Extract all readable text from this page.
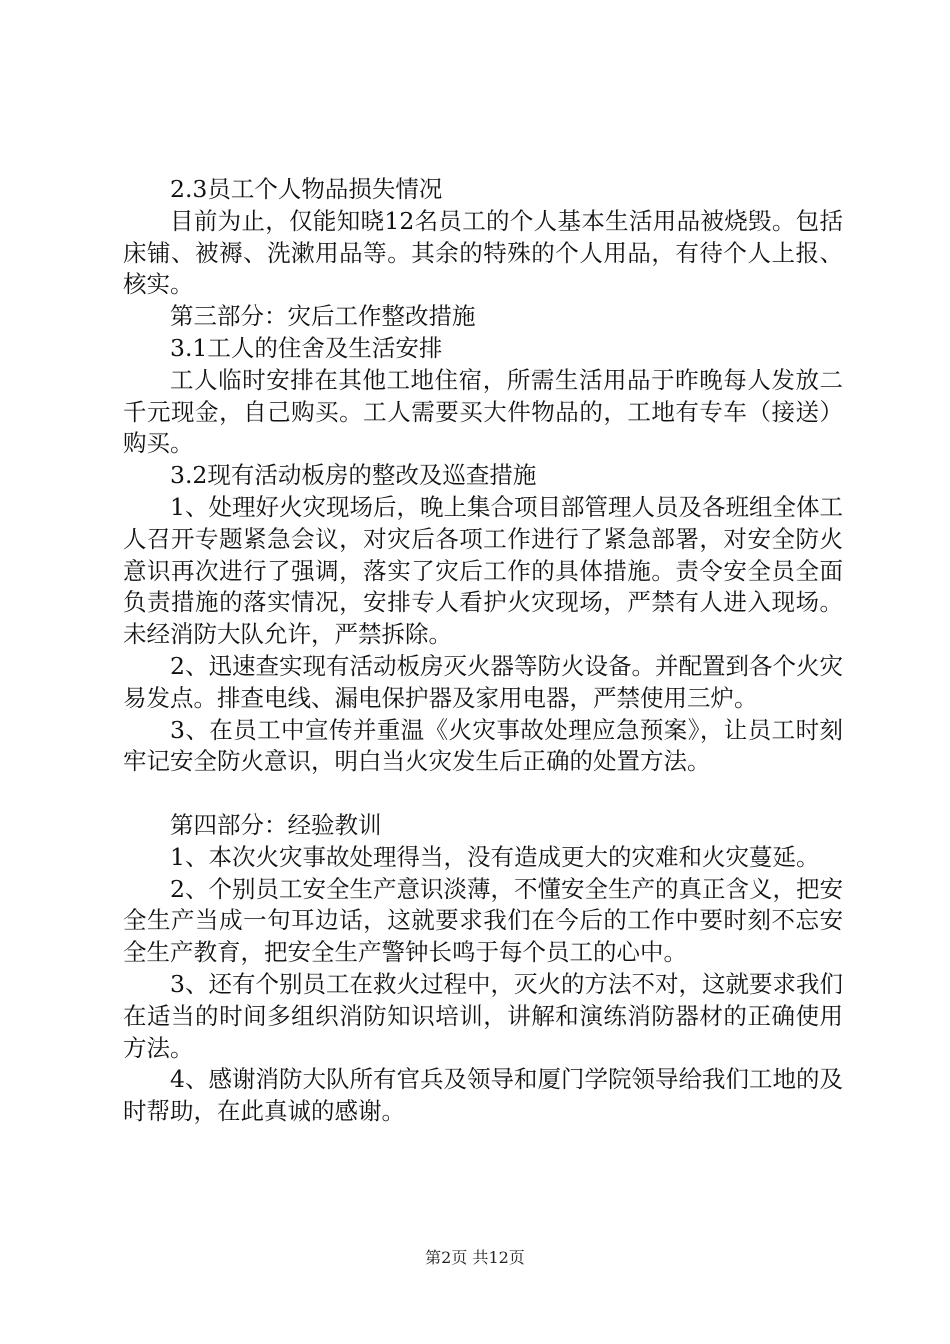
2.3员工个人物品损失情况

目前为止，仅能知晓12名员工的个人基本生活用品被烧毁。包括床铺、被褥、洗漱用品等。其余的特殊的个人用品，有待个人上报、核实。

第三部分：灾后工作整改措施

3.1工人的住舍及生活安排

工人临时安排在其他工地住宿，所需生活用品于昨晚每人发放二千元现金，自己购买。工人需要买大件物品的，工地有专车（接送）购买。

3.2现有活动板房的整改及巡查措施

1、处理好火灾现场后，晚上集合项目部管理人员及各班组全体工人召开专题紧急会议，对灾后各项工作进行了紧急部署，对安全防火意识再次进行了强调，落实了灾后工作的具体措施。责令安全员全面负责措施的落实情况，安排专人看护火灾现场，严禁有人进入现场。未经消防大队允许，严禁拆除。

2、迅速查实现有活动板房灭火器等防火设备。并配置到各个火灾易发点。排查电线、漏电保护器及家用电器，严禁使用三炉。

3、在员工中宣传并重温《火灾事故处理应急预案》，让员工时刻牢记安全防火意识，明白当火灾发生后正确的处置方法。

第四部分：经验教训

1、本次火灾事故处理得当，没有造成更大的灾难和火灾蔓延。

2、个别员工安全生产意识淡薄，不懂安全生产的真正含义，把安全生产当成一句耳边话，这就要求我们在今后的工作中要时刻不忘安全生产教育，把安全生产警钟长鸣于每个员工的心中。

3、还有个别员工在救火过程中，灭火的方法不对，这就要求我们在适当的时间多组织消防知识培训，讲解和演练消防器材的正确使用方法。

4、感谢消防大队所有官兵及领导和厦门学院领导给我们工地的及时帮助，在此真诚的感谢。

第2页 共12页
